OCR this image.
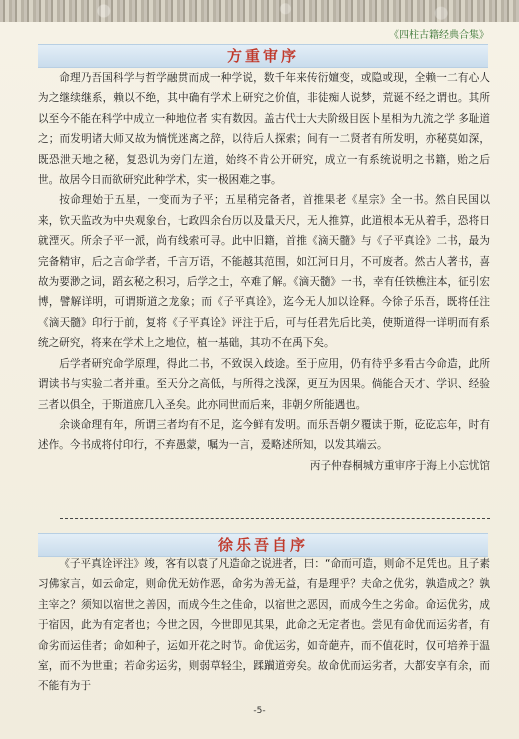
《四柱古籍经典合集》
方重审序

命理乃吾国科学与哲学融贯而成一种学说，数千年来传衍嬗变，或隐或现，全赖一二有心人为之继续继系，赖以不绝，其中确有学术上研究之价值，非徒痴人说梦，荒诞不经之谓也。其所以至今不能在科学中成立一种地位者 实有数因。盖古代士大夫阶级目医卜星相为九流之学 多耻道之；而发明诸大师又故为惝恍迷离之辞，以待后人探索；间有一二贤者有所发明，亦秘莫如深，既恐泄天地之秘，复恐讥为旁门左道，始终不肯公开研究，成立一有系统说明之书籍，贻之后世。故居今日而欲研究此种学术，实一极困难之事。

按命理始于五星，一变而为子平；五星稍完备者，首推果老《星宗》全一书。然自民国以来，钦天监改为中央观象台，七政四余台历以及量天尺，无人推算，此道根本无从着手，恐将日就湮灭。所余子平一派，尚有线索可寻。此中旧籍，首推《滴天髓》与《子平真诠》二书，最为完备精审，后之言命学者，千言万语，不能越其范围，如江河日月，不可废者。然古人著书，喜故为要渺之词，蹈玄秘之积习，后学之士，卒难了解。《滴天髓》一书，幸有任铁樵注本，征引宏博，譬解详明，可谓斯道之龙象；而《子平真诠》，迄今无人加以诠释。今徐子乐吾，既将任注《滴天髓》印行于前，复将《子平真诠》评注于后，可与任君先后比美，使斯道得一详明而有系统之研究，将来在学术上之地位，植一基础，其功不在禹下矣。

后学者研究命学原理，得此二书，不致误入歧途。至于应用，仍有待乎多看古今命造，此所谓读书与实验二者并重。至天分之高低，与所得之浅深，更互为因果。倘能合天才、学识、经验三者以俱全，于斯道庶几入圣矣。此亦同世而后来，非朝夕所能遇也。

余谈命理有年，所谓三者均有不足，迄今鲜有发明。而乐吾朝夕覆读于斯，矻矻忘年，时有述作。今书成将付印行，不弃愚蒙，嘱为一言，爰略述所知，以发其端云。

丙子仲春桐城方重审序于海上小忘忧馆

徐乐吾自序

《子平真诠评注》竣，客有以袁了凡造命之说进者，曰：“命而可造，则命不足凭也。且子素习佛家言，如云命定，则命优无妨作恶，命劣为善无益，有是理乎？夫命之优劣，孰造成之？孰主宰之？须知以宿世之善因，而成今生之佳命，以宿世之恶因，而成今生之劣命。命运优劣，成于宿因，此为有定者也；今世之因，今世即见其果，此命之无定者也。尝见有命优而运劣者，有命劣而运佳者；命如种子，运如开花之时节。命优运劣，如奇葩卉，而不值花时，仅可培养于温室，而不为世重；若命劣运劣，则弱草轻尘，蹂躏道旁矣。故命优而运劣者，大都安享有余，而不能有为于

-5-
